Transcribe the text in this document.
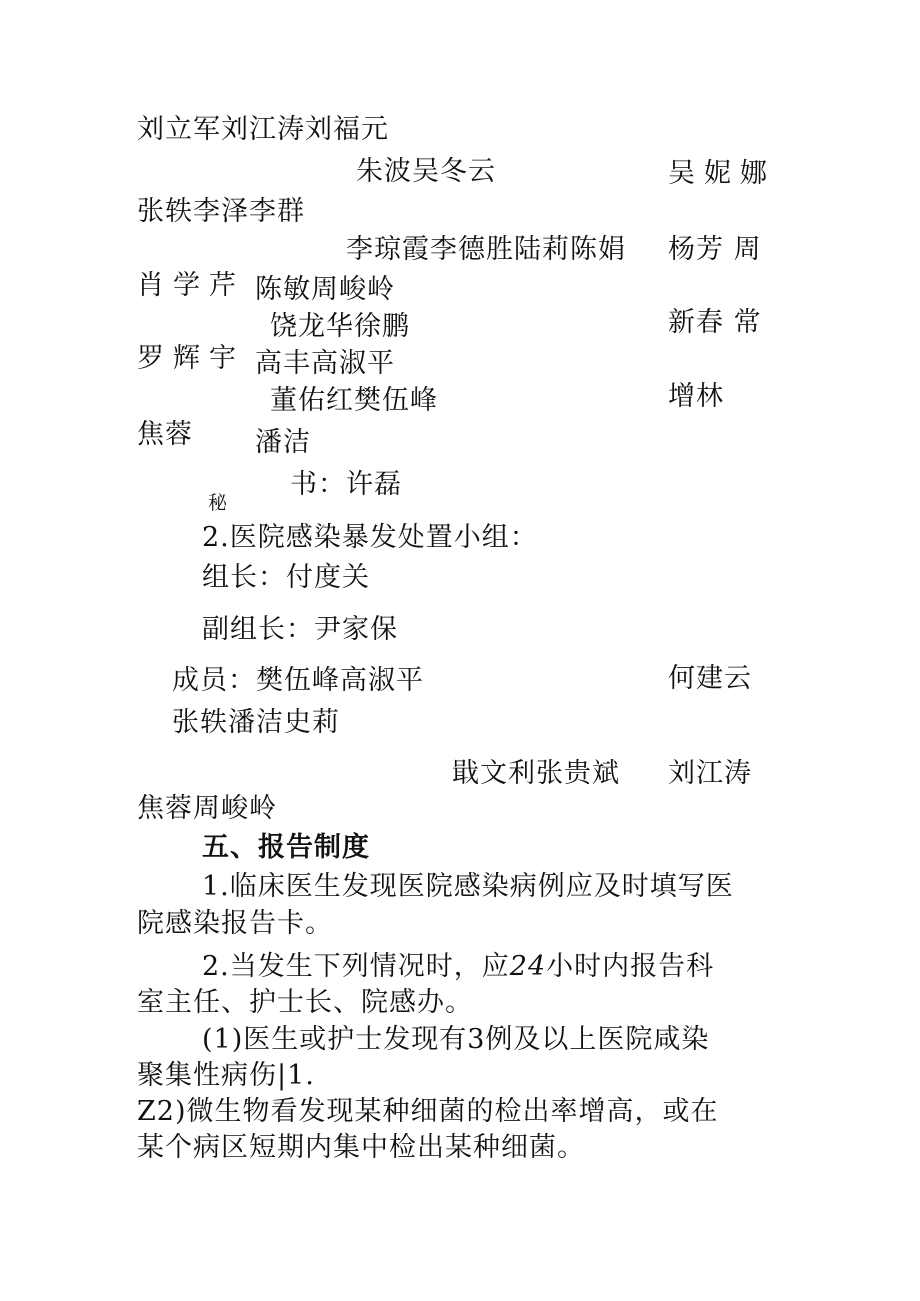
刘立军刘江涛刘福元
朱波吴冬云	吴妮娜
张轶李泽李群
李琼霞李德胜陆莉陈娟 杨芳 周
肖学芹 陈敏周峻岭
饶龙华徐鹏	新春 常
罗辉宇 高丰高淑平
董佑红樊伍峰	增林
焦蓉 潘洁
书：许磊
秘
2.医院感染暴发处置小组：
组长：付度关
副组长：尹家保
成员：樊伍峰高淑平	何建云
张轶潘洁史莉
戢文利张贵斌 刘江涛
焦蓉周峻岭
五、报告制度
1.临床医生发现医院感染病例应及时填写医
院感染报告卡。
2.当发生下列情况时，应24小时内报告科
室主任、护士长、院感办。
(1)医生或护士发现有3例及以上医院咸染
聚集性病伤|1.
Z2)微生物看发现某种细菌的检出率增高，或在
某个病区短期内集中检出某种细菌。
